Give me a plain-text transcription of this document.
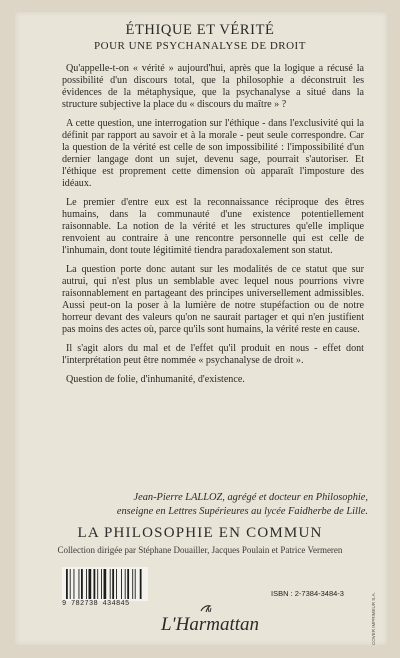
ÉTHIQUE ET VÉRITÉ
POUR UNE PSYCHANALYSE DE DROIT

Qu'appelle-t-on « vérité » aujourd'hui, après que la logique a récusé la possibilité d'un discours total, que la philosophie a déconstruit les évidences de la métaphysique, que la psychanalyse a situé dans la structure subjective la place du « discours du maître » ?

A cette question, une interrogation sur l'éthique - dans l'exclusivité qui la définit par rapport au savoir et à la morale - peut seule correspondre. Car la question de la vérité est celle de son impossibilité : l'impossibilité d'un dernier langage dont un sujet, devenu sage, pourrait s'autoriser. Et l'éthique est proprement cette dimension où apparaît l'imposture des idéaux.

Le premier d'entre eux est la reconnaissance réciproque des êtres humains, dans la communauté d'une existence potentiellement raisonnable. La notion de la vérité et les structures qu'elle implique renvoient au contraire à une rencontre personnelle qui est celle de l'inhumain, dont toute légitimité tiendra paradoxalement son statut.

La question porte donc autant sur les modalités de ce statut que sur autrui, qui n'est plus un semblable avec lequel nous pourrions vivre raisonnablement en partageant des principes universellement admissibles. Aussi peut-on la poser à la lumière de notre stupéfaction ou de notre horreur devant des valeurs qu'on ne saurait partager et qui n'en justifient pas moins des actes où, parce qu'ils sont humains, la vérité reste en cause.

Il s'agit alors du mal et de l'effet qu'il produit en nous - effet dont l'interprétation peut être nommée « psychanalyse de droit ».

Question de folie, d'inhumanité, d'existence.

Jean-Pierre LALLOZ, agrégé et docteur en Philosophie,
enseigne en Lettres Supérieures au lycée Faidherbe de Lille.
LA PHILOSOPHIE EN COMMUN
Collection dirigée par Stéphane Douailler, Jacques Poulain et Patrice Vermeren
9 782738 434845
ISBN : 2-7384-3484-3
L'Harmattan	COVER IMPRIMEUR S.A.
